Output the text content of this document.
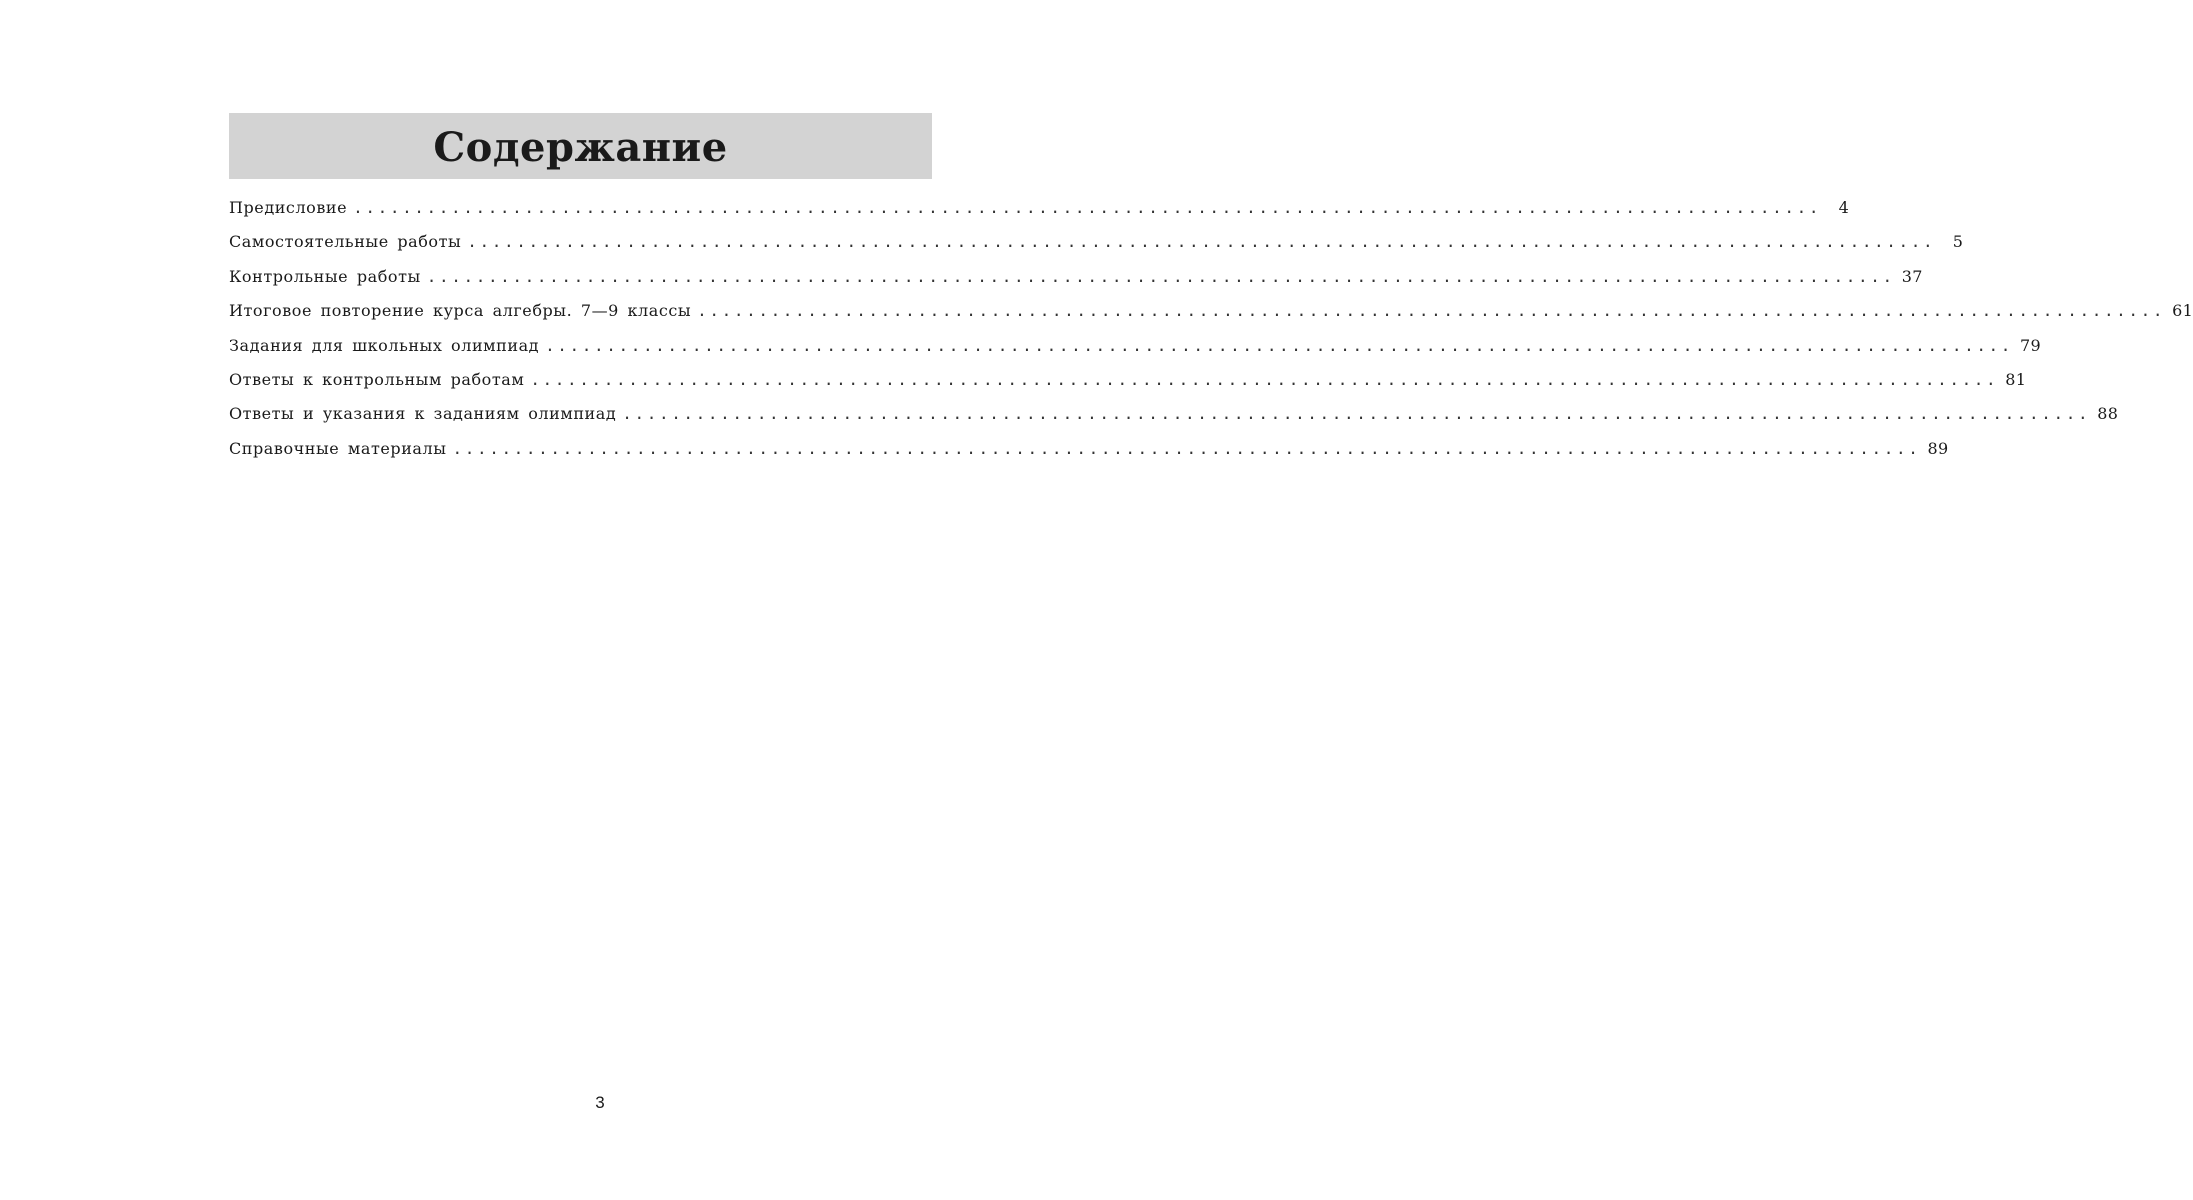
Содержание
Предисловие ........................................................................................................................	4
Самостоятельные работы ........................................................................................................................	5
Контрольные работы ........................................................................................................................ 37
Итоговое повторение курса алгебры. 7—9 классы ........................................................................................................................ 61
Задания для школьных олимпиад ........................................................................................................................ 79
Ответы к контрольным работам ........................................................................................................................ 81
Ответы и указания к заданиям олимпиад ........................................................................................................................ 88
Справочные материалы ........................................................................................................................ 89
3
